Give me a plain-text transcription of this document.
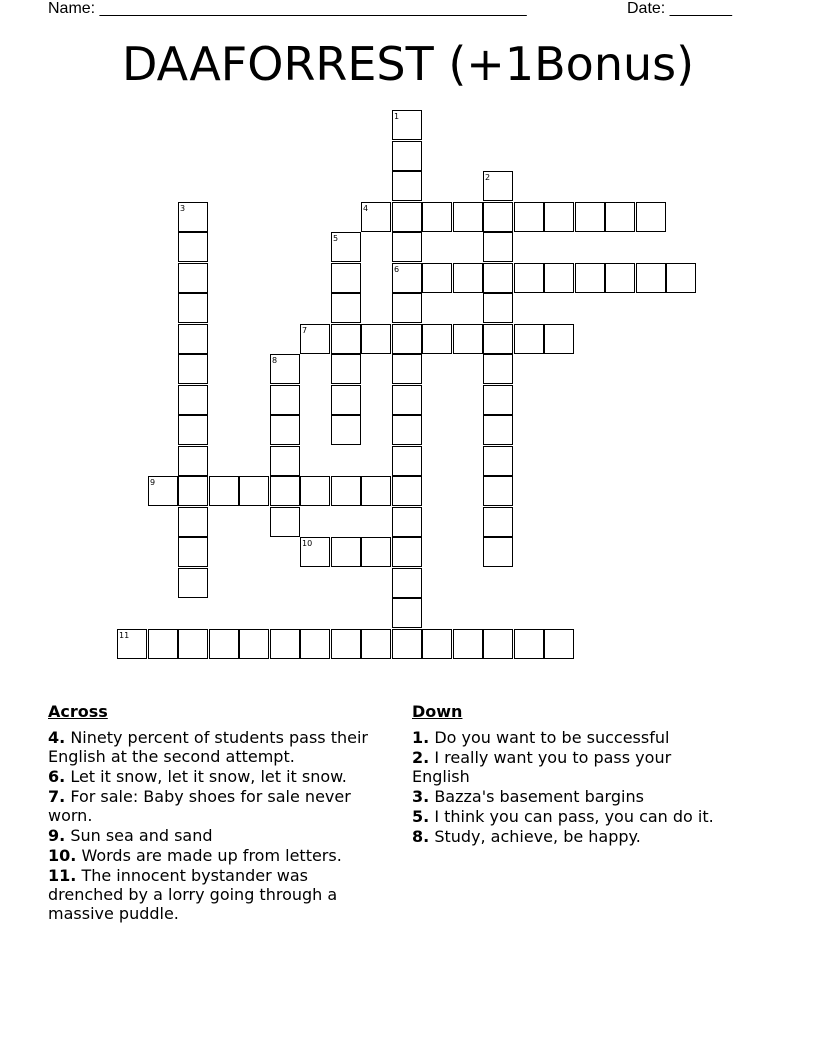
Name: ________________________________________________	Date: _______
DAAFORREST (+1Bonus)
1
2
3	4
5
6
7
8
9
10
11
Across
4. Ninety percent of students pass their English at the second attempt.
6. Let it snow, let it snow, let it snow.
7. For sale: Baby shoes for sale never worn.
9. Sun sea and sand
10. Words are made up from letters.
11. The innocent bystander was drenched by a lorry going through a massive puddle.
Down
1. Do you want to be successful
2. I really want you to pass your English
3. Bazza's basement bargins
5. I think you can pass, you can do it.
8. Study, achieve, be happy.
